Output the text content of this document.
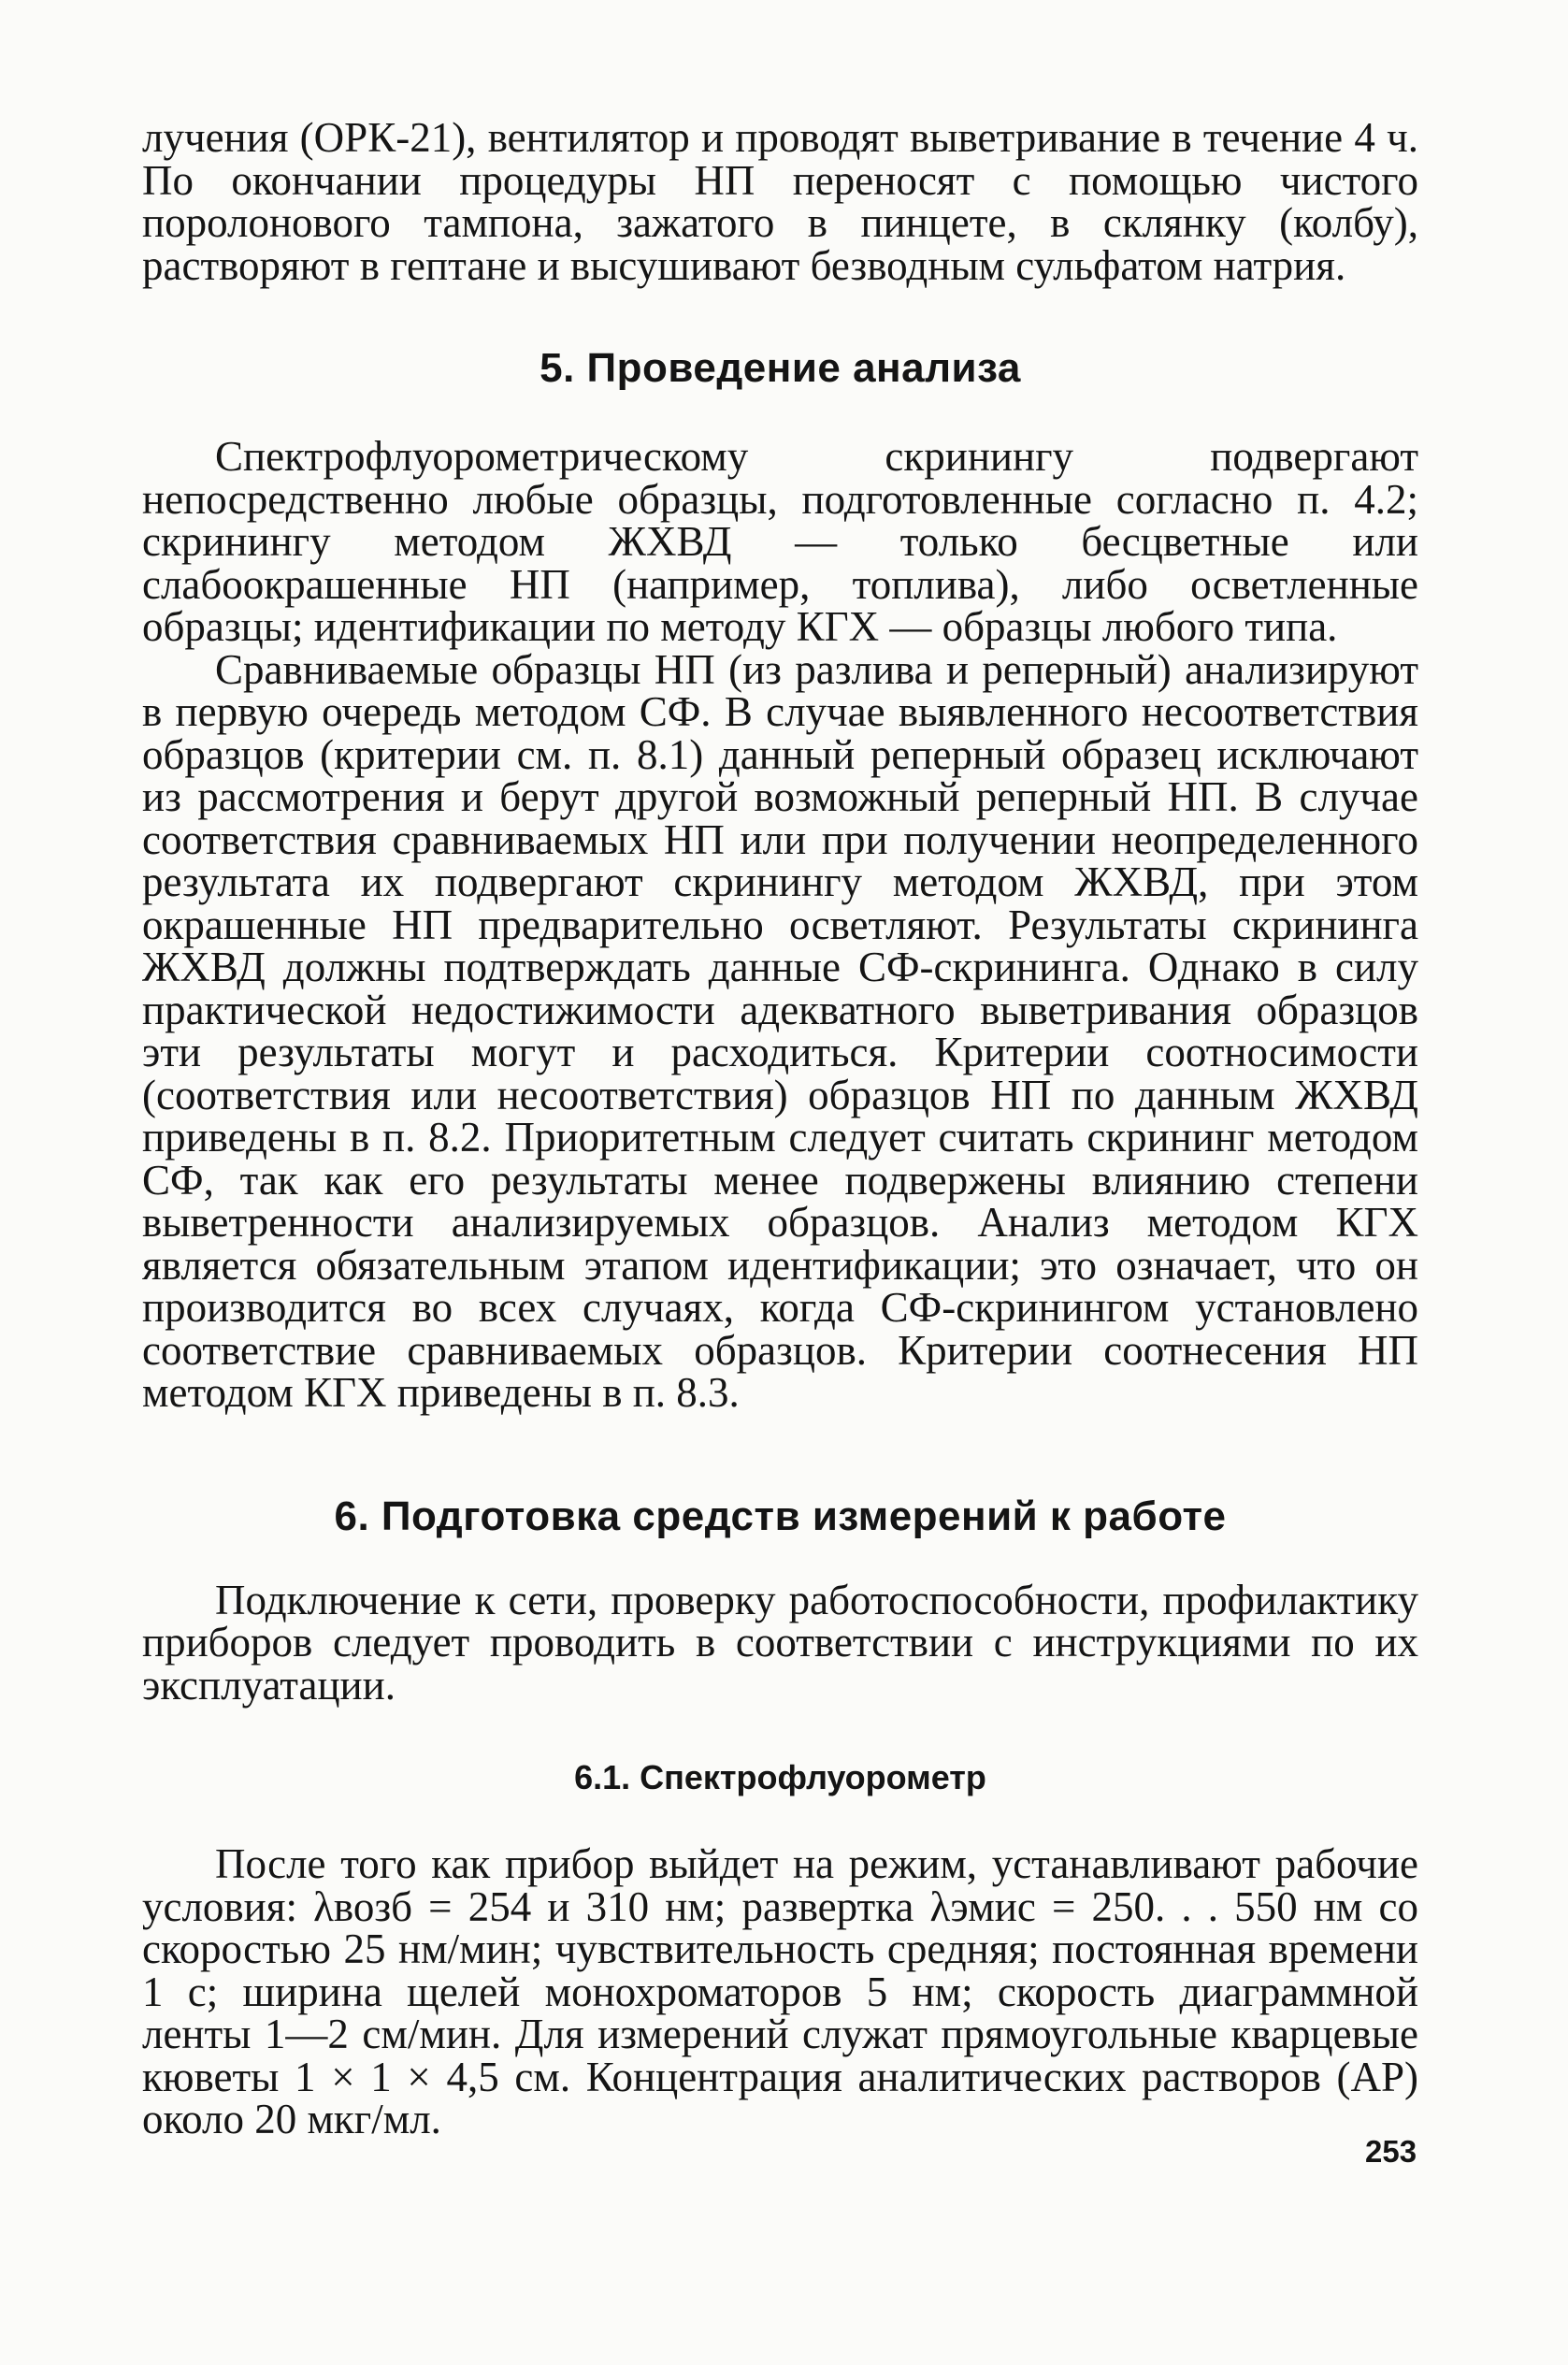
лучения (ОРК-21), вентилятор и проводят выветривание в течение 4 ч. По окончании процедуры НП переносят с помощью чистого поролонового тампона, зажатого в пинцете, в склянку (колбу), растворяют в гептане и высушивают безводным сульфатом натрия.

5. Проведение анализа

Спектрофлуорометрическому скринингу подвергают непосредственно любые образцы, подготовленные согласно п. 4.2; скринингу методом ЖХВД — только бесцветные или слабоокрашенные НП (например, топлива), либо осветленные образцы; идентификации по методу КГХ — образцы любого типа.

Сравниваемые образцы НП (из разлива и реперный) анализируют в первую очередь методом СФ. В случае выявленного несоответствия образцов (критерии см. п. 8.1) данный реперный образец исключают из рассмотрения и берут другой возможный реперный НП. В случае соответствия сравниваемых НП или при получении неопределенного результата их подвергают скринингу методом ЖХВД, при этом окрашенные НП предварительно осветляют. Результаты скрининга ЖХВД должны подтверждать данные СФ-скрининга. Однако в силу практической недостижимости адекватного выветривания образцов эти результаты могут и расходиться. Критерии соотносимости (соответствия или несоответствия) образцов НП по данным ЖХВД приведены в п. 8.2. Приоритетным следует считать скрининг методом СФ, так как его результаты менее подвержены влиянию степени выветренности анализируемых образцов. Анализ методом КГХ является обязательным этапом идентификации; это означает, что он производится во всех случаях, когда СФ-скринингом установлено соответствие сравниваемых образцов. Критерии соотнесения НП методом КГХ приведены в п. 8.3.

6. Подготовка средств измерений к работе

Подключение к сети, проверку работоспособности, профилактику приборов следует проводить в соответствии с инструкциями по их эксплуатации.

6.1. Спектрофлуорометр

После того как прибор выйдет на режим, устанавливают рабочие условия: λвозб = 254 и 310 нм; развертка λэмис = 250. . . 550 нм со скоростью 25 нм/мин; чувствительность средняя; постоянная времени 1 с; ширина щелей монохроматоров 5 нм; скорость диаграммной ленты 1—2 см/мин. Для измерений служат прямоугольные кварцевые кюветы 1 × 1 × 4,5 см. Концентрация аналитических растворов (АР) около 20 мкг/мл.

253
